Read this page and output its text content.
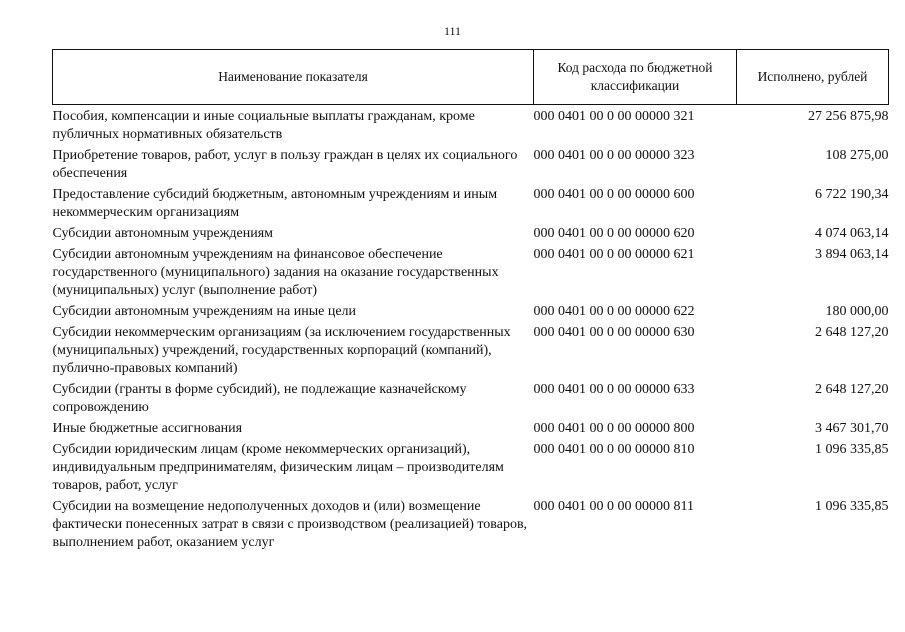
111
Наименование показателя	Код расхода по бюджетной классификации	Исполнено, рублей
Пособия, компенсации и иные социальные выплаты гражданам, кроме публичных нормативных обязательств	000 0401 00 0 00 00000 321	27 256 875,98
Приобретение товаров, работ, услуг в пользу граждан в целях их социального обеспечения	000 0401 00 0 00 00000 323	108 275,00
Предоставление субсидий бюджетным, автономным учреждениям и иным некоммерческим организациям	000 0401 00 0 00 00000 600	6 722 190,34
Субсидии автономным учреждениям	000 0401 00 0 00 00000 620	4 074 063,14
Субсидии автономным учреждениям на финансовое обеспечение государственного (муниципального) задания на оказание государственных (муниципальных) услуг (выполнение работ)	000 0401 00 0 00 00000 621	3 894 063,14
Субсидии автономным учреждениям на иные цели	000 0401 00 0 00 00000 622	180 000,00
Субсидии некоммерческим организациям (за исключением государственных (муниципальных) учреждений, государственных корпораций (компаний), публично-правовых компаний)	000 0401 00 0 00 00000 630	2 648 127,20
Субсидии (гранты в форме субсидий), не подлежащие казначейскому сопровождению	000 0401 00 0 00 00000 633	2 648 127,20
Иные бюджетные ассигнования	000 0401 00 0 00 00000 800	3 467 301,70
Субсидии юридическим лицам (кроме некоммерческих организаций), индивидуальным предпринимателям, физическим лицам – производителям товаров, работ, услуг	000 0401 00 0 00 00000 810	1 096 335,85
Субсидии на возмещение недополученных доходов и (или) возмещение фактически понесенных затрат в связи с производством (реализацией) товаров, выполнением работ, оказанием услуг	000 0401 00 0 00 00000 811	1 096 335,85
